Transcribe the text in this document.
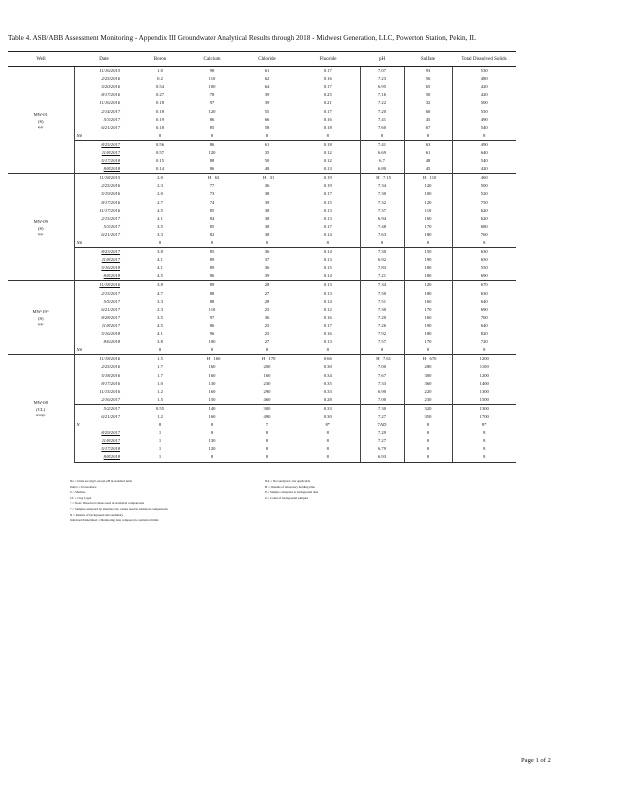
Table 4. ASB/ABB Assessment Monitoring - Appendix III Groundwater Analytical Results through 2018 - Midwest Generation, LLC, Powerton Station, Pekin, IL
Well	Date	Boron	Calcium	Chloride	Fluoride	pH	Sulfate	Total Dissolved Solids

MW-01
(S)
upgr.	11/16/2015	1.0	98	61	0.17	7.07	93	530
	2/25/2016	0.2	110	62	0.16	7.23	56	480
	5/20/2016	0.54	100	64	0.17	6.95	65	420
	8/17/2016	0.27	78	39	0.25	7.16	50	420
	11/16/2016	0.18	97	39	0.21	7.22	32	500
	2/14/2017	0.18	120	55	0.17	7.20	60	550
	5/3/2017	0.19	86	66	0.16	7.41	45	490
	6/21/2017	0.18	85	58	0.18	7.60	67	540
	N#	8	8	8	8	8	8	8
	8/25/2017	0.56	86	61	0.18	7.41	63	490
	11/8/2017	0.57	120	35	0.12	6.69	61	640
	5/17/2018	0.15	88	50	0.12	6.7	48	540
	8/8/2018	0.14	86	48	0.13	6.80	45	420

MW-09
(S)
upgr.	11/18/2015	2.0	H 63	H 31	0.19	H 7.15	H 110	460
	2/25/2016	2.3	77	36	0.19	7.34	120	500
	5/19/2016	2.0	73	38	0.17	7.30	100	520
	8/17/2016	2.7	74	39	0.15	7.32	120	750
	11/17/2016	4.5	85	38	0.13	7.37	110	620
	2/15/2017	4.1	84	38	0.13	6.94	160	620
	5/3/2017	3.5	85	38	0.17	7.48	170	680
	6/21/2017	3.3	82	38	0.14	7.63	180	760
	N#	8	8	8	8	8	8	8
	8/23/2017	3.8	85	36	0.14	7.30	150	630
	11/8/2017	4.1	89	37	0.13	6.92	190	650
	5/16/2018	4.1	89	36	0.15	7.83	180	550
	8/8/2018	4.5	86	39	0.14	7.21	180	690

MW-19^
(S)
upgr.	11/18/2016	3.8	89	28	0.13	7.34	120	670
	2/15/2017	4.7	88	27	0.13	7.50	180	630
	5/5/2017	3.3	88	28	0.14	7.51	160	640
	6/21/2017	2.3	110	25	0.12	7.30	170	690
	8/28/2017	3.5	97	36	0.16	7.20	160	700
	11/8/2017	4.5	86	25	0.17	7.26	190	640
	5/16/2018	4.1	96	25	0.16	7.92	180	820
	8/6/2018	3.8	100	27	0.13	7.57	170	720
	N#	8	8	8	8	8	8	8

MW-08
(CL)
downgr.	11/18/2016	1.5	H 160	H 170	0.66	H 7.61	H 670	1200
	2/25/2016	1.7	160	200	0.30	7.00	280	1100
	5/18/2016	1.7	160	160	0.34	7.67	300	1200
	8/17/2016	1.0	130	230	0.35	7.33	360	1400
	11/15/2016	1.2	160	290	0.33	6.90	220	1300
	2/16/2017	1.5	150	460	0.28	7.00	230	1500
	5/2/2017	0.55	140	300	0.33	7.30	320	1300
	6/21/2017	1.2	160	490	0.30	7.27	350	1700
	N	8	8	7	8*	7AD	8	8*
	8/29/2017	1	8	8	8	7.29	8	8
	11/8/2017	1	130	8	8	7.27	8	8
	5/17/2018	1	120	8	8	6.79	8	8
	8/8/2018	1	8	8	8	6.93	8	8
Na = Units are mg/L except pH in standard units
Italics = Exceedance
S = Shallow
CL = Clay Layer
^ = Note: Dissolved values used in statistical comparisons
* = Samples analyzed by alternate lab, values used in statistical comparisons
N = Results of background data summary
Italicized/Underlined = Monitoring data compared to statistical limits
NA = Not analyzed / not applicable
H = Outside of laboratory holding time
8 = Sample compared to background data
# = Count of background samples
Page 1 of 2
